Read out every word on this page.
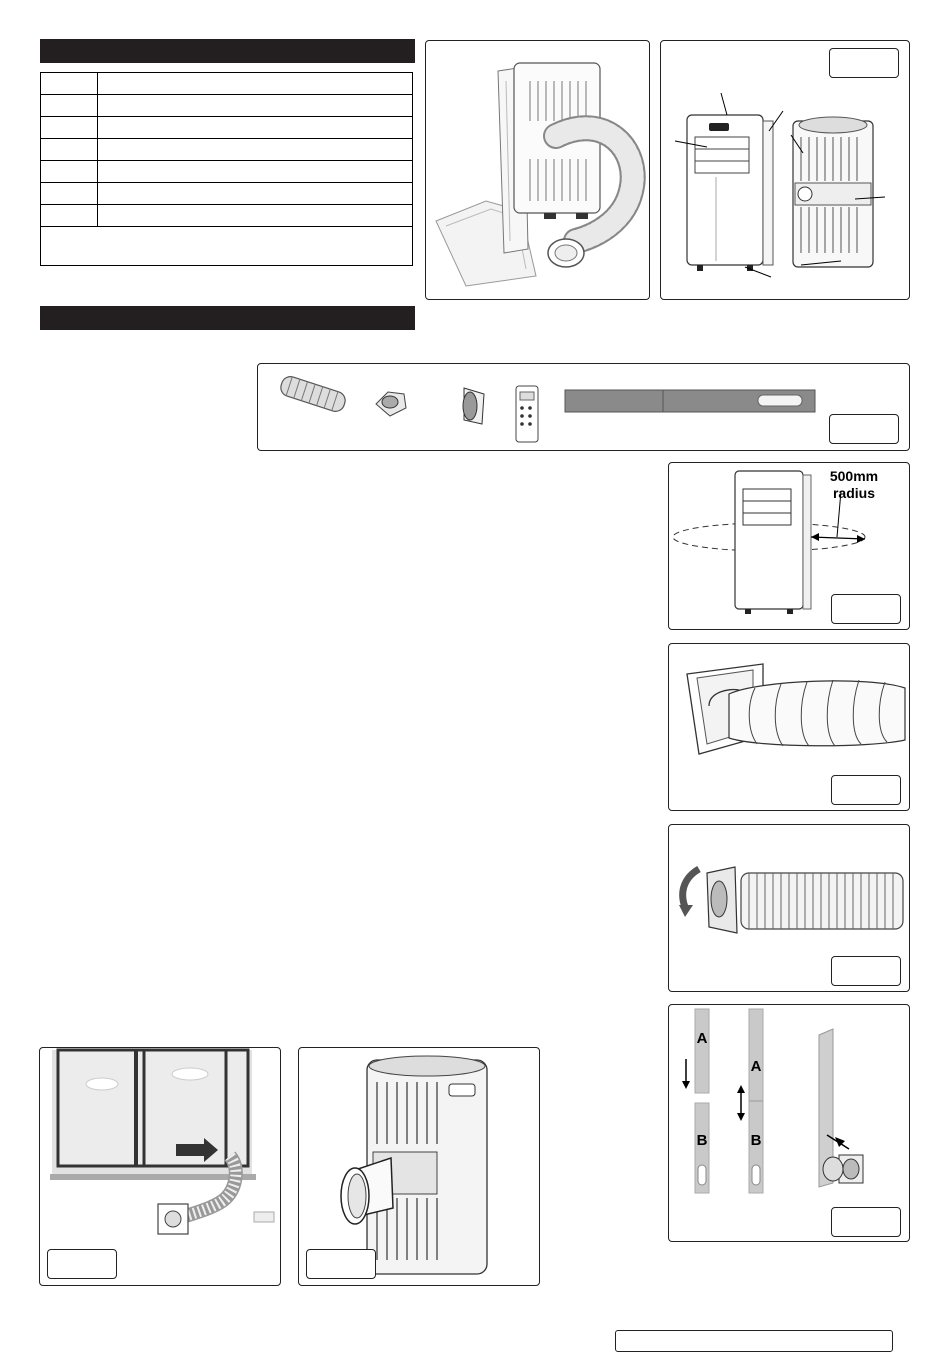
500mm
radius
A
B
A
B
